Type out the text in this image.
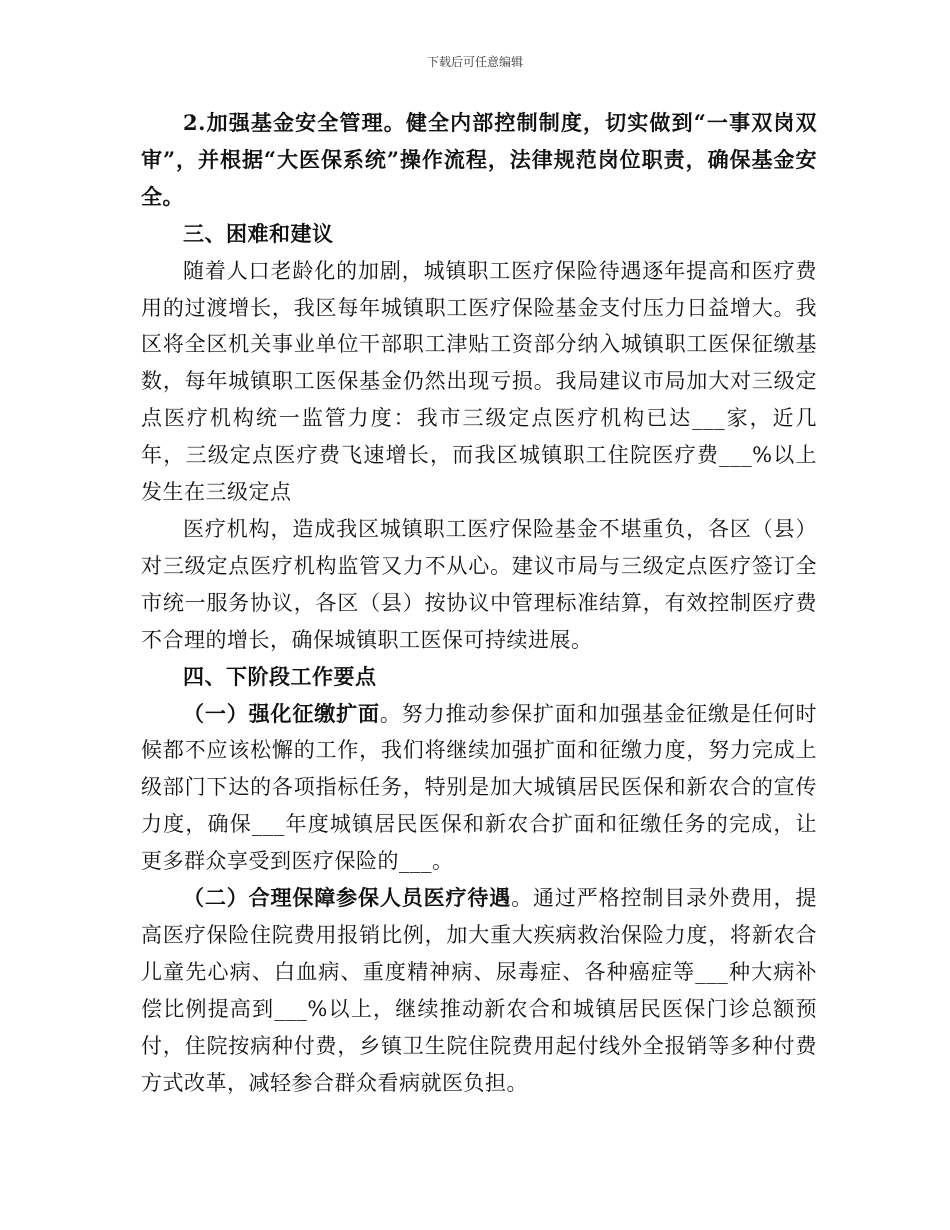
下载后可任意编辑

2.加强基金安全管理。健全内部控制制度，切实做到“一事双岗双审”，并根据“大医保系统”操作流程，法律规范岗位职责，确保基金安全。

三、困难和建议

随着人口老龄化的加剧，城镇职工医疗保险待遇逐年提高和医疗费用的过渡增长，我区每年城镇职工医疗保险基金支付压力日益增大。我区将全区机关事业单位干部职工津贴工资部分纳入城镇职工医保征缴基数，每年城镇职工医保基金仍然出现亏损。我局建议市局加大对三级定点医疗机构统一监管力度：我市三级定点医疗机构已达___家，近几年，三级定点医疗费飞速增长，而我区城镇职工住院医疗费___%以上发生在三级定点

医疗机构，造成我区城镇职工医疗保险基金不堪重负，各区（县）对三级定点医疗机构监管又力不从心。建议市局与三级定点医疗签订全市统一服务协议，各区（县）按协议中管理标准结算，有效控制医疗费不合理的增长，确保城镇职工医保可持续进展。

四、下阶段工作要点

（一）强化征缴扩面。努力推动参保扩面和加强基金征缴是任何时候都不应该松懈的工作，我们将继续加强扩面和征缴力度，努力完成上级部门下达的各项指标任务，特别是加大城镇居民医保和新农合的宣传力度，确保___年度城镇居民医保和新农合扩面和征缴任务的完成，让更多群众享受到医疗保险的___。

（二）合理保障参保人员医疗待遇。通过严格控制目录外费用，提高医疗保险住院费用报销比例，加大重大疾病救治保险力度，将新农合儿童先心病、白血病、重度精神病、尿毒症、各种癌症等___种大病补偿比例提高到___%以上，继续推动新农合和城镇居民医保门诊总额预付，住院按病种付费，乡镇卫生院住院费用起付线外全报销等多种付费方式改革，减轻参合群众看病就医负担。
